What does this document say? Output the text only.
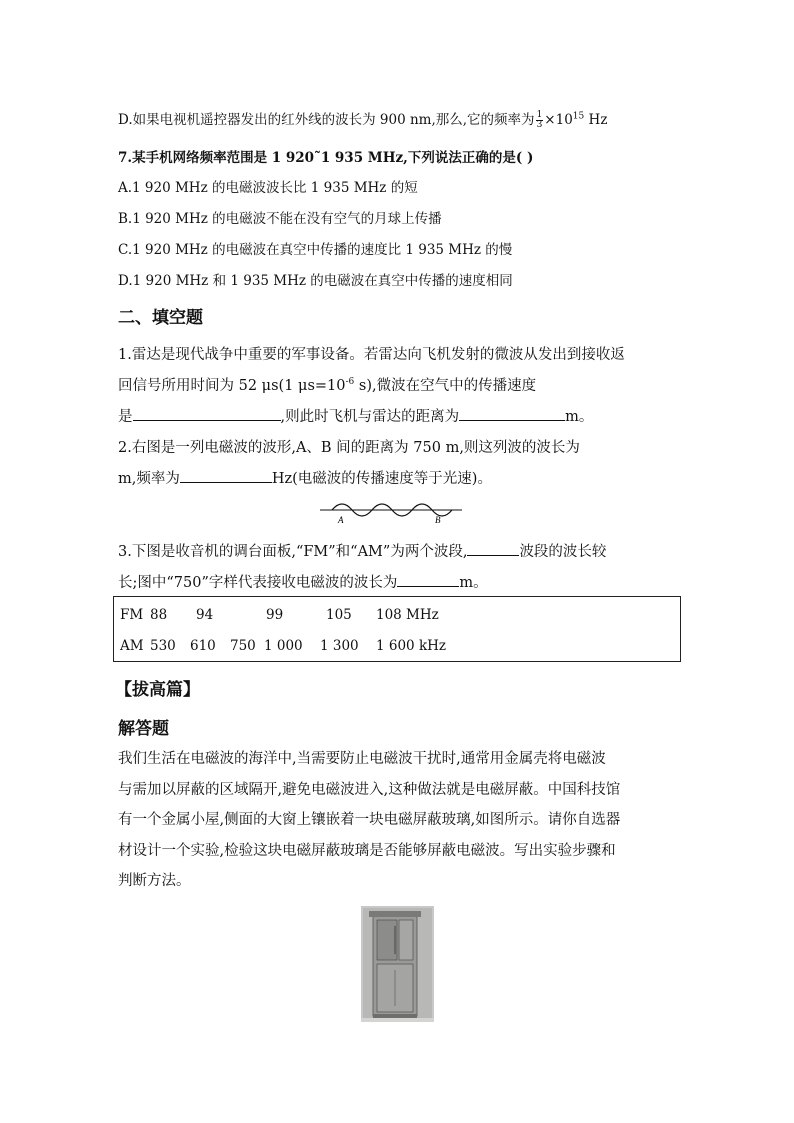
D.如果电视机遥控器发出的红外线的波长为 900 nm,那么,它的频率为 $\frac{1}{3} \times 10^{15}$ Hz
7.某手机网络频率范围是 1 920˜1 935 MHz,下列说法正确的是( )
A.1 920 MHz 的电磁波波长比 1 935 MHz 的短
B.1 920 MHz 的电磁波不能在没有空气的月球上传播
C.1 920 MHz 的电磁波在真空中传播的速度比 1 935 MHz 的慢
D.1 920 MHz 和 1 935 MHz 的电磁波在真空中传播的速度相同
二、填空题
1.雷达是现代战争中重要的军事设备。若雷达向飞机发射的微波从发出到接收返
回信号所用时间为 52 μs(1 $\mu s=10^{-6}$ s),微波在空气中的传播速度
是	,则此时飞机与雷达的距离为	m。
2.右图是一列电磁波的波形,A、B 间的距离为 750 m,则这列波的波长为
m,频率为	Hz(电磁波的传播速度等于光速)。
A	B
3.下图是收音机的调台面板,“FM”和“AM”为两个波段,	波段的波长较
长;图中“750”字样代表接收电磁波的波长为	m。
FM 88 94	99	105 108 MHz
AM 530 610 750 1 000 1 300 1 600 kHz
【拔高篇】
解答题
我们生活在电磁波的海洋中,当需要防止电磁波干扰时,通常用金属壳将电磁波
与需加以屏蔽的区域隔开,避免电磁波进入,这种做法就是电磁屏蔽。中国科技馆
有一个金属小屋,侧面的大窗上镶嵌着一块电磁屏蔽玻璃,如图所示。请你自选器
材设计一个实验,检验这块电磁屏蔽玻璃是否能够屏蔽电磁波。写出实验步骤和
判断方法。
